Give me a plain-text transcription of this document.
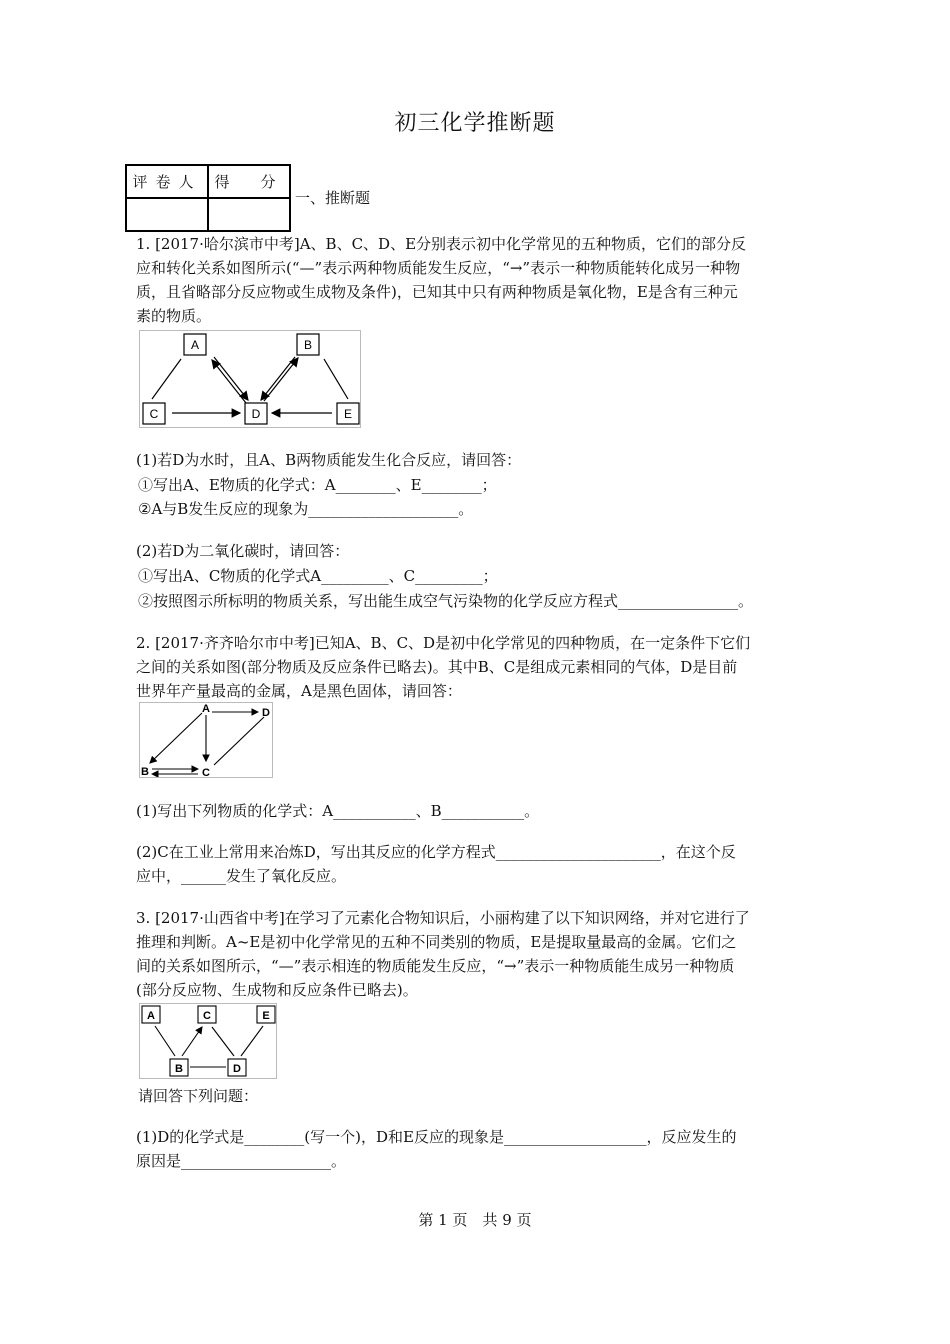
初三化学推断题
评卷人	得　分

一、推断题
1. [2017·哈尔滨市中考]A、B、C、D、E分别表示初中化学常见的五种物质，它们的部分反
应和转化关系如图所示(“—”表示两种物质能发生反应，“→”表示一种物质能转化成另一种物
质，且省略部分反应物或生成物及条件)，已知其中只有两种物质是氧化物，E是含有三种元
素的物质。
A	B
C	D	E
(1)若D为水时，且A、B两物质能发生化合反应，请回答：
①写出A、E物质的化学式：A________、E________；
②A与B发生反应的现象为____________________。
(2)若D为二氧化碳时，请回答：
①写出A、C物质的化学式A_________、C_________；
②按照图示所标明的物质关系，写出能生成空气污染物的化学反应方程式________________。
2. [2017·齐齐哈尔市中考]已知A、B、C、D是初中化学常见的四种物质，在一定条件下它们
之间的关系如图(部分物质及反应条件已略去)。其中B、C是组成元素相同的气体，D是目前
世界年产量最高的金属，A是黑色固体，请回答：
A
B	C
D
(1)写出下列物质的化学式：A___________、B___________。
(2)C在工业上常用来冶炼D，写出其反应的化学方程式______________________，在这个反
应中，______发生了氧化反应。
3. [2017·山西省中考]在学习了元素化合物知识后，小丽构建了以下知识网络，并对它进行了
推理和判断。A~E是初中化学常见的五种不同类别的物质，E是提取量最高的金属。它们之
间的关系如图所示，“—”表示相连的物质能发生反应，“→”表示一种物质能生成另一种物质
(部分反应物、生成物和反应条件已略去)。
A	C	E
B	D
请回答下列问题：
(1)D的化学式是________(写一个)，D和E反应的现象是___________________，反应发生的
原因是____________________。
第 1 页　共 9 页
